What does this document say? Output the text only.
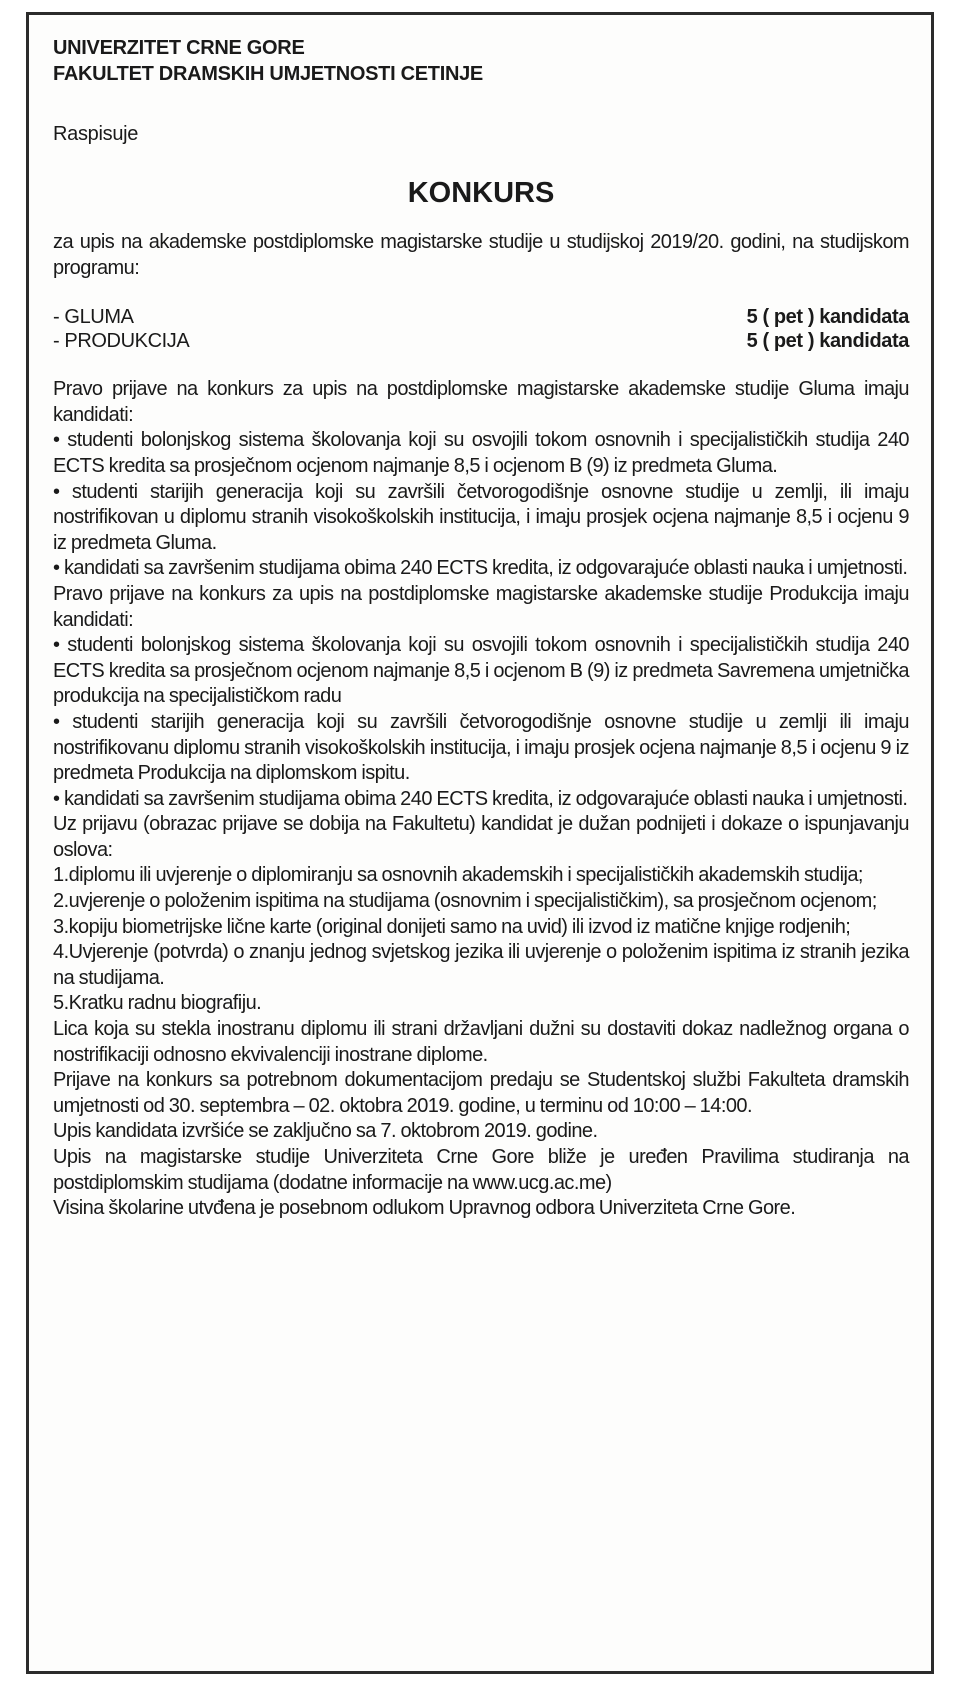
UNIVERZITET CRNE GORE
FAKULTET DRAMSKIH UMJETNOSTI CETINJE
Raspisuje
KONKURS
za upis na akademske postdiplomske magistarske studije u studijskoj 2019/20. godini, na studijskom programu:
- GLUMA	5 ( pet ) kandidata
- PRODUKCIJA	5 ( pet ) kandidata
Pravo prijave na konkurs za upis na postdiplomske magistarske akademske studije Gluma imaju kandidati:
• studenti bolonjskog sistema školovanja koji su osvojili tokom osnovnih i specijalističkih studija 240 ECTS kredita sa prosječnom ocjenom najmanje 8,5 i ocjenom B (9) iz predmeta Gluma.
• studenti starijih generacija koji su završili četvorogodišnje osnovne studije u zemlji, ili imaju nostrifikovan u diplomu stranih visokoškolskih institucija, i imaju prosjek ocjena najmanje 8,5 i ocjenu 9 iz predmeta Gluma.
• kandidati sa završenim studijama obima 240 ECTS kredita, iz odgovarajuće oblasti nauka i umjetnosti.
Pravo prijave na konkurs za upis na postdiplomske magistarske akademske studije Produkcija imaju kandidati:
• studenti bolonjskog sistema školovanja koji su osvojili tokom osnovnih i specijalističkih studija 240 ECTS kredita sa prosječnom ocjenom najmanje 8,5 i ocjenom B (9) iz predmeta Savremena umjetnička produkcija na specijalističkom radu
• studenti starijih generacija koji su završili četvorogodišnje osnovne studije u zemlji ili imaju nostrifikovanu diplomu stranih visokoškolskih institucija, i imaju prosjek ocjena najmanje 8,5 i ocjenu 9 iz predmeta Produkcija na diplomskom ispitu.
• kandidati sa završenim studijama obima 240 ECTS kredita, iz odgovarajuće oblasti nauka i umjetnosti.
Uz prijavu (obrazac prijave se dobija na Fakultetu) kandidat je dužan podnijeti i dokaze o ispunjavanju oslova:
1.diplomu ili uvjerenje o diplomiranju sa osnovnih akademskih i specijalističkih akademskih studija;
2.uvjerenje o položenim ispitima na studijama (osnovnim i specijalističkim), sa prosječnom ocjenom;
3.kopiju biometrijske lične karte (original donijeti samo na uvid) ili izvod iz matične knjige rodjenih;
4.Uvjerenje (potvrda) o znanju jednog svjetskog jezika ili uvjerenje o položenim ispitima iz stranih jezika na studijama.
5.Kratku radnu biografiju.
Lica koja su stekla inostranu diplomu ili strani državljani dužni su dostaviti dokaz nadležnog organa o nostrifikaciji odnosno ekvivalenciji inostrane diplome.
Prijave na konkurs sa potrebnom dokumentacijom predaju se Studentskoj službi Fakulteta dramskih umjetnosti od 30. septembra – 02. oktobra 2019. godine, u terminu od 10:00 – 14:00.
Upis kandidata izvršiće se zaključno sa 7. oktobrom 2019. godine.
Upis na magistarske studije Univerziteta Crne Gore bliže je uređen Pravilima studiranja na postdiplomskim studijama (dodatne informacije na www.ucg.ac.me)
Visina školarine utvđena je posebnom odlukom Upravnog odbora Univerziteta Crne Gore.
